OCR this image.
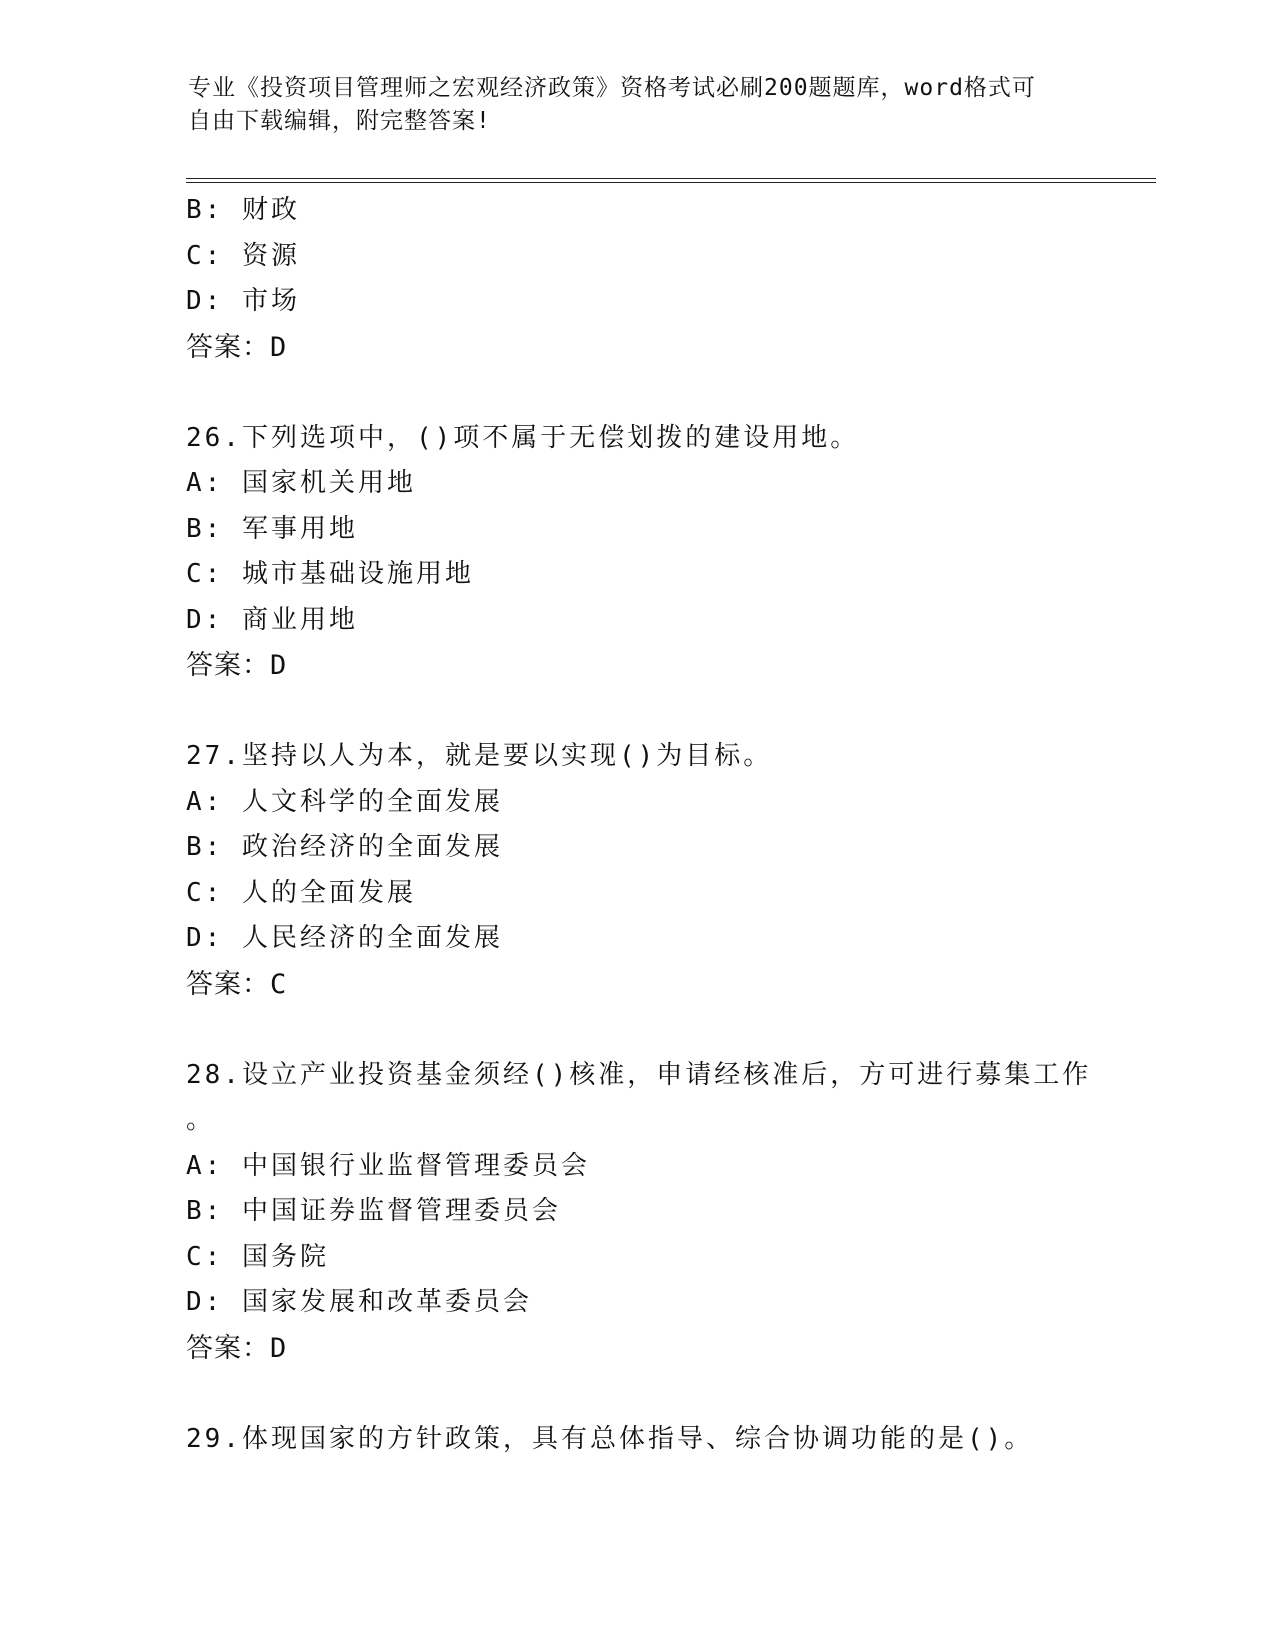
专业《投资项目管理师之宏观经济政策》资格考试必刷200题题库，word格式可
自由下载编辑，附完整答案!
B: 财政
C: 资源
D: 市场
答案：D
26.下列选项中，()项不属于无偿划拨的建设用地。
A: 国家机关用地
B: 军事用地
C: 城市基础设施用地
D: 商业用地
答案：D
27.坚持以人为本，就是要以实现()为目标。
A: 人文科学的全面发展
B: 政治经济的全面发展
C: 人的全面发展
D: 人民经济的全面发展
答案：C
28.设立产业投资基金须经()核准，申请经核准后，方可进行募集工作
。
A: 中国银行业监督管理委员会
B: 中国证券监督管理委员会
C: 国务院
D: 国家发展和改革委员会
答案：D
29.体现国家的方针政策，具有总体指导、综合协调功能的是()。
